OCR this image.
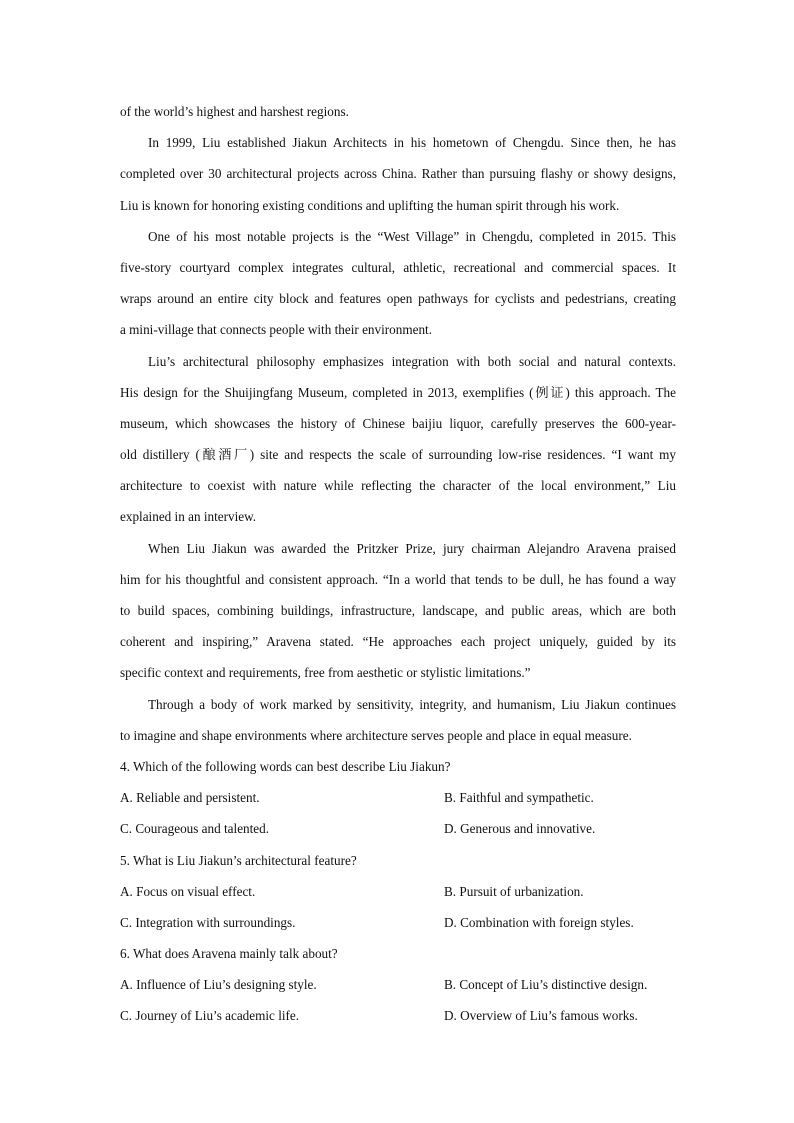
of the world’s highest and harshest regions.
In 1999, Liu established Jiakun Architects in his hometown of Chengdu. Since then, he has
completed over 30 architectural projects across China. Rather than pursuing flashy or showy designs,
Liu is known for honoring existing conditions and uplifting the human spirit through his work.
One of his most notable projects is the “West Village” in Chengdu, completed in 2015. This
five-story courtyard complex integrates cultural, athletic, recreational and commercial spaces. It
wraps around an entire city block and features open pathways for cyclists and pedestrians, creating
a mini-village that connects people with their environment.
Liu’s architectural philosophy emphasizes integration with both social and natural contexts.
His design for the Shuijingfang Museum, completed in 2013, exemplifies (例证) this approach. The
museum, which showcases the history of Chinese baijiu liquor, carefully preserves the 600-year-
old distillery (酿酒厂) site and respects the scale of surrounding low-rise residences. “I want my
architecture to coexist with nature while reflecting the character of the local environment,” Liu
explained in an interview.
When Liu Jiakun was awarded the Pritzker Prize, jury chairman Alejandro Aravena praised
him for his thoughtful and consistent approach. “In a world that tends to be dull, he has found a way
to build spaces, combining buildings, infrastructure, landscape, and public areas, which are both
coherent and inspiring,” Aravena stated. “He approaches each project uniquely, guided by its
specific context and requirements, free from aesthetic or stylistic limitations.”
Through a body of work marked by sensitivity, integrity, and humanism, Liu Jiakun continues
to imagine and shape environments where architecture serves people and place in equal measure.
4. Which of the following words can best describe Liu Jiakun?
A. Reliable and persistent.	B. Faithful and sympathetic.
C. Courageous and talented.	D. Generous and innovative.
5. What is Liu Jiakun’s architectural feature?
A. Focus on visual effect.	B. Pursuit of urbanization.
C. Integration with surroundings.	D. Combination with foreign styles.
6. What does Aravena mainly talk about?
A. Influence of Liu’s designing style.	B. Concept of Liu’s distinctive design.
C. Journey of Liu’s academic life.	D. Overview of Liu’s famous works.
